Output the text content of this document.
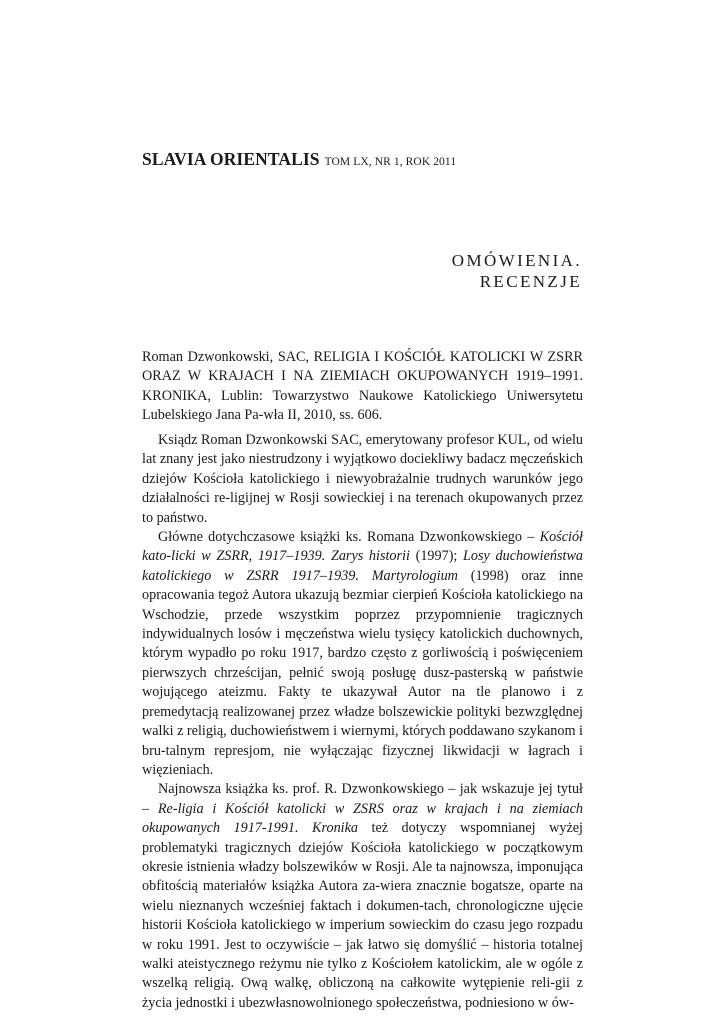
SLAVIA ORIENTALIS TOM LX, NR 1, ROK 2011
OMÓWIENIA.
RECENZJE
Roman Dzwonkowski, SAC, RELIGIA I KOŚCIÓŁ KATOLICKI W ZSRR ORAZ W KRAJACH I NA ZIEMIACH OKUPOWANYCH 1919–1991. KRONIKA, Lublin: Towarzystwo Naukowe Katolickiego Uniwersytetu Lubelskiego Jana Pa-wła II, 2010, ss. 606.

Ksiądz Roman Dzwonkowski SAC, emerytowany profesor KUL, od wielu lat znany jest jako niestrudzony i wyjątkowo dociekliwy badacz męczeńskich dziejów Kościoła katolickiego i niewyobrażalnie trudnych warunków jego działalności re-ligijnej w Rosji sowieckiej i na terenach okupowanych przez to państwo.

Główne dotychczasowe książki ks. Romana Dzwonkowskiego – Kościół kato-licki w ZSRR, 1917–1939. Zarys historii (1997); Losy duchowieństwa katolickiego w ZSRR 1917–1939. Martyrologium (1998) oraz inne opracowania tegoż Autora ukazują bezmiar cierpień Kościoła katolickiego na Wschodzie, przede wszystkim poprzez przypomnienie tragicznych indywidualnych losów i męczeństwa wielu tysięcy katolickich duchownych, którym wypadło po roku 1917, bardzo często z gorliwością i poświęceniem pierwszych chrześcijan, pełnić swoją posługę dusz-pasterską w państwie wojującego ateizmu. Fakty te ukazywał Autor na tle planowo i z premedytacją realizowanej przez władze bolszewickie polityki bezwzględnej walki z religią, duchowieństwem i wiernymi, których poddawano szykanom i bru-talnym represjom, nie wyłączając fizycznej likwidacji w łagrach i więzieniach.

Najnowsza książka ks. prof. R. Dzwonkowskiego – jak wskazuje jej tytuł – Re-ligia i Kościół katolicki w ZSRS oraz w krajach i na ziemiach okupowanych 1917-1991. Kronika też dotyczy wspomnianej wyżej problematyki tragicznych dziejów Kościoła katolickiego w początkowym okresie istnienia władzy bolszewików w Rosji. Ale ta najnowsza, imponująca obfitością materiałów książka Autora za-wiera znacznie bogatsze, oparte na wielu nieznanych wcześniej faktach i dokumen-tach, chronologiczne ujęcie historii Kościoła katolickiego w imperium sowieckim do czasu jego rozpadu w roku 1991. Jest to oczywiście – jak łatwo się domyślić – historia totalnej walki ateistycznego reżymu nie tylko z Kościołem katolickim, ale w ogóle z wszelką religią. Ową walkę, obliczoną na całkowite wytępienie reli-gii z życia jednostki i ubezwłasnowolnionego społeczeństwa, podniesiono w ów-
